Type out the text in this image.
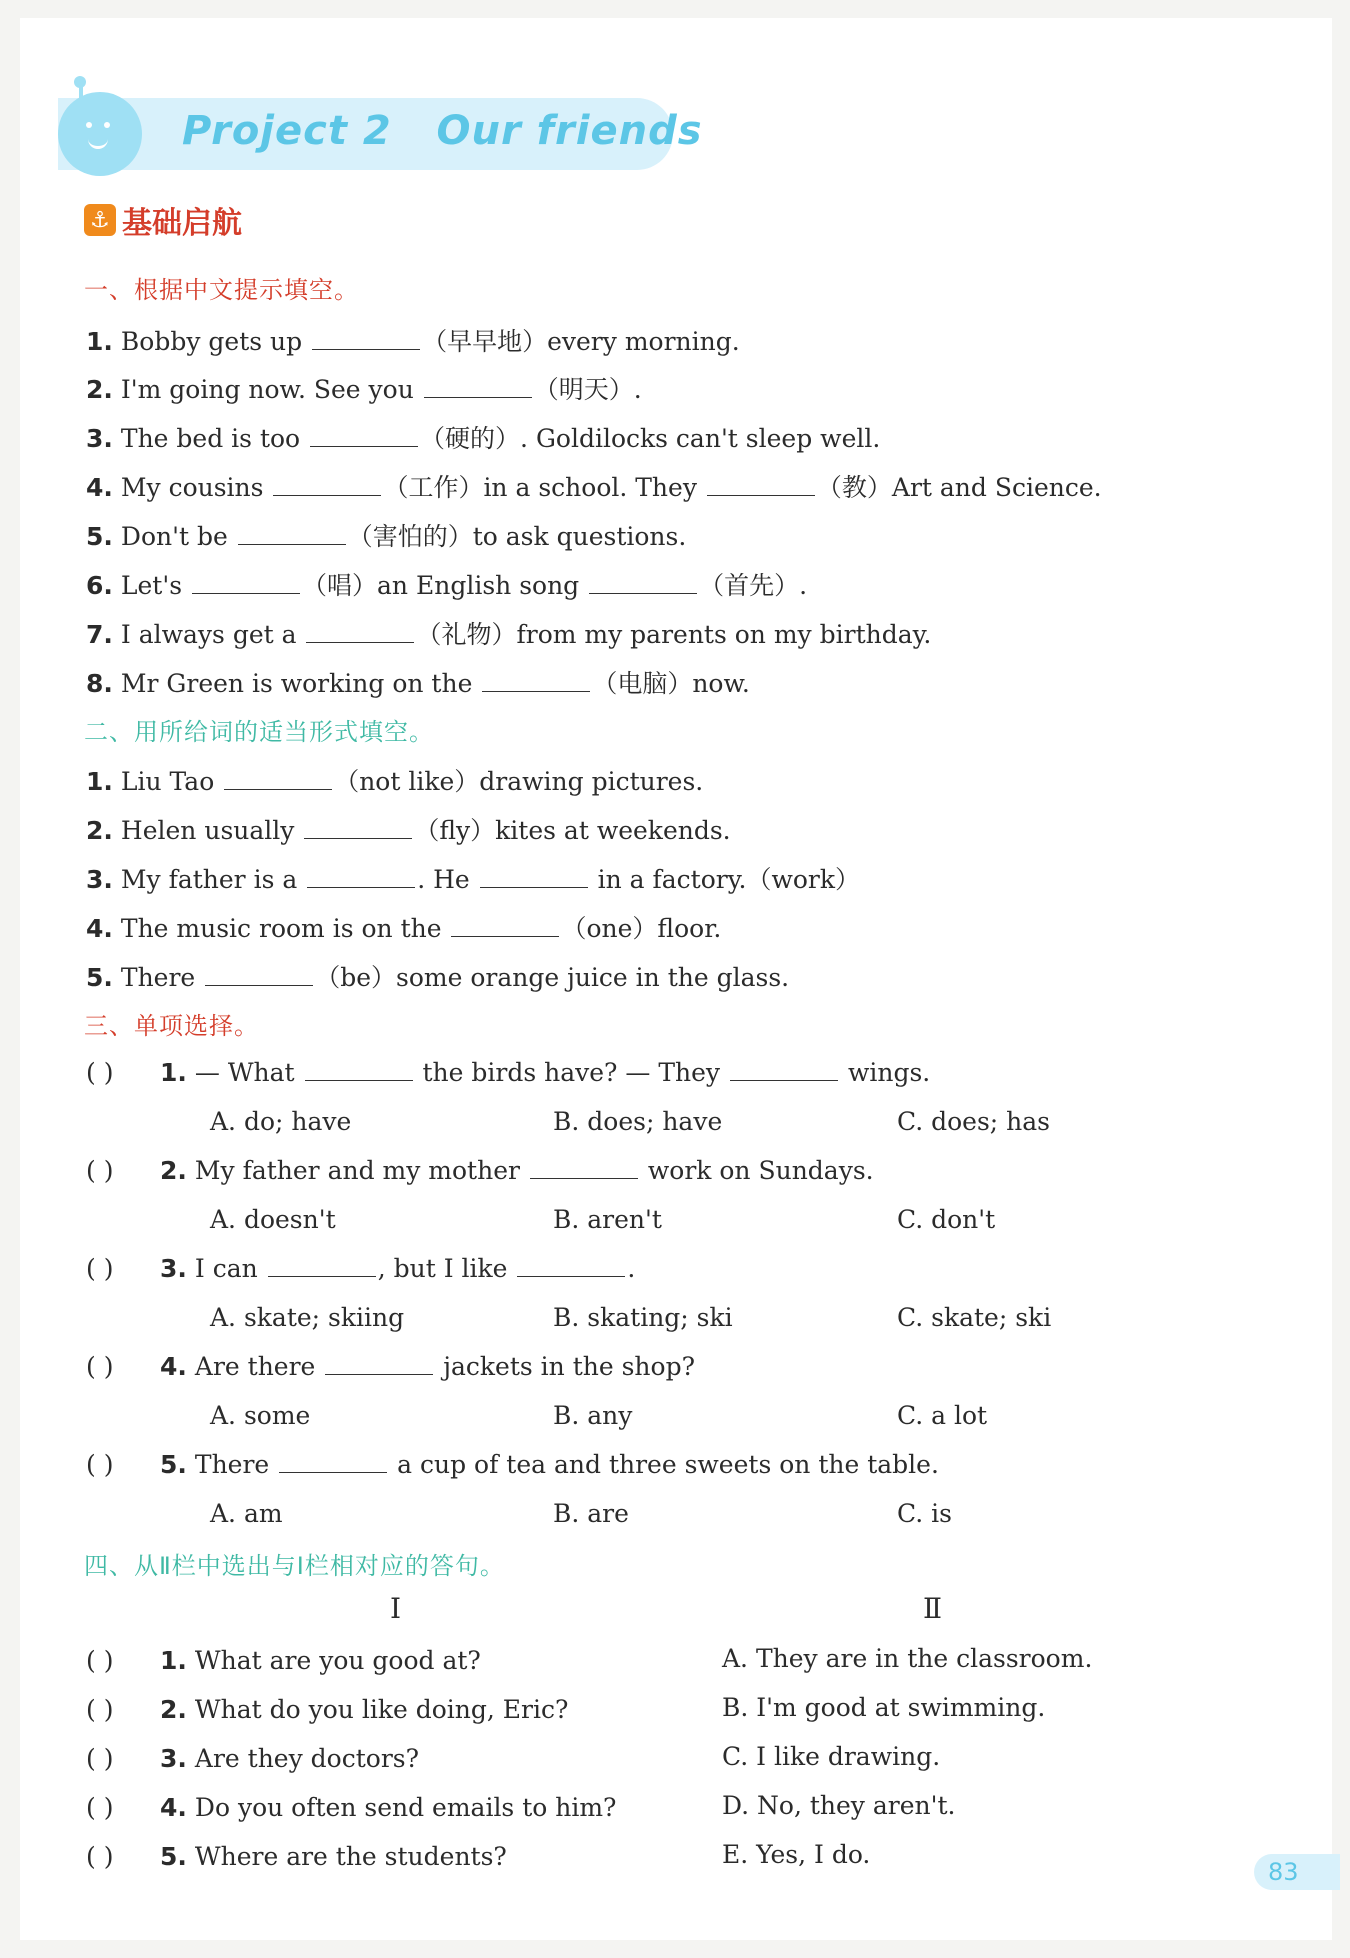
Project 2 Our friends
⚓ 基础启航
一、根据中文提示填空。
1. Bobby gets up	（早早地）every morning.
2. I'm going now. See you	（明天）.
3. The bed is too	（硬的）. Goldilocks can't sleep well.
4. My cousins	（工作）in a school. They	（教）Art and Science.
5. Don't be	（害怕的）to ask questions.
6. Let's	（唱）an English song	（首先）.
7. I always get a	（礼物）from my parents on my birthday.
8. Mr Green is working on the	（电脑）now.
二、用所给词的适当形式填空。
1. Liu Tao	（not like）drawing pictures.
2. Helen usually	（fly）kites at weekends.
3. My father is a	. He	in a factory.（work）
4. The music room is on the	（one）floor.
5. There	（be）some orange juice in the glass.
三、单项选择。
( ) 1. — What	the birds have? — They	wings.
A. do; have	B. does; have	C. does; has
( ) 2. My father and my mother	work on Sundays.
A. doesn't	B. aren't	C. don't
( ) 3. I can	, but I like	.
A. skate; skiing	B. skating; ski	C. skate; ski
( ) 4. Are there	jackets in the shop?
A. some	B. any	C. a lot
( ) 5. There	a cup of tea and three sweets on the table.
A. am	B. are	C. is
四、从Ⅱ栏中选出与Ⅰ栏相对应的答句。
Ⅰ	Ⅱ
( ) 1. What are you good at?	A. They are in the classroom.
( ) 2. What do you like doing, Eric?	B. I'm good at swimming.
( ) 3. Are they doctors?	C. I like drawing.
( ) 4. Do you often send emails to him?	D. No, they aren't.
( ) 5. Where are the students?	E. Yes, I do.
83
